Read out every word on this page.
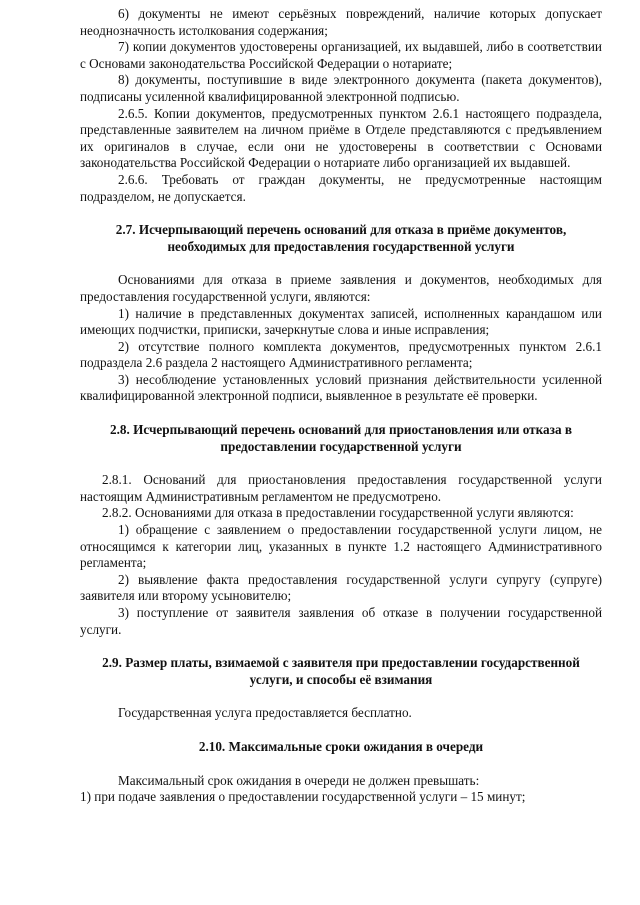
6) документы не имеют серьёзных повреждений, наличие которых допускает неоднозначность истолкования содержания;

7) копии документов удостоверены организацией, их выдавшей, либо в соответствии с Основами законодательства Российской Федерации о нотариате;

8) документы, поступившие в виде электронного документа (пакета документов), подписаны усиленной квалифицированной электронной подписью.

2.6.5. Копии документов, предусмотренных пунктом 2.6.1 настоящего подраздела, представленные заявителем на личном приёме в Отделе представляются с предъявлением их оригиналов в случае, если они не удостоверены в соответствии с Основами законодательства Российской Федерации о нотариате либо организацией их выдавшей.

2.6.6. Требовать от граждан документы, не предусмотренные настоящим подразделом, не допускается.

2.7. Исчерпывающий перечень оснований для отказа в приёме документов, необходимых для предоставления государственной услуги

Основаниями для отказа в приеме заявления и документов, необходимых для предоставления государственной услуги, являются:

1) наличие в представленных документах записей, исполненных карандашом или имеющих подчистки, приписки, зачеркнутые слова и иные исправления;

2) отсутствие полного комплекта документов, предусмотренных пунктом 2.6.1 подраздела 2.6 раздела 2 настоящего Административного регламента;

3) несоблюдение установленных условий признания действительности усиленной квалифицированной электронной подписи, выявленное в результате её проверки.

2.8. Исчерпывающий перечень оснований для приостановления или отказа в предоставлении государственной услуги

2.8.1. Оснований для приостановления предоставления государственной услуги настоящим Административным регламентом не предусмотрено.

2.8.2. Основаниями для отказа в предоставлении государственной услуги являются:

1) обращение с заявлением о предоставлении государственной услуги лицом, не относящимся к категории лиц, указанных в пункте 1.2 настоящего Административного регламента;

2) выявление факта предоставления государственной услуги супругу (супруге) заявителя или второму усыновителю;

3) поступление от заявителя заявления об отказе в получении государственной услуги.

2.9. Размер платы, взимаемой с заявителя при предоставлении государственной услуги, и способы её взимания

Государственная услуга предоставляется бесплатно.

2.10. Максимальные сроки ожидания в очереди

Максимальный срок ожидания в очереди не должен превышать:

1) при подаче заявления о предоставлении государственной услуги – 15 минут;
